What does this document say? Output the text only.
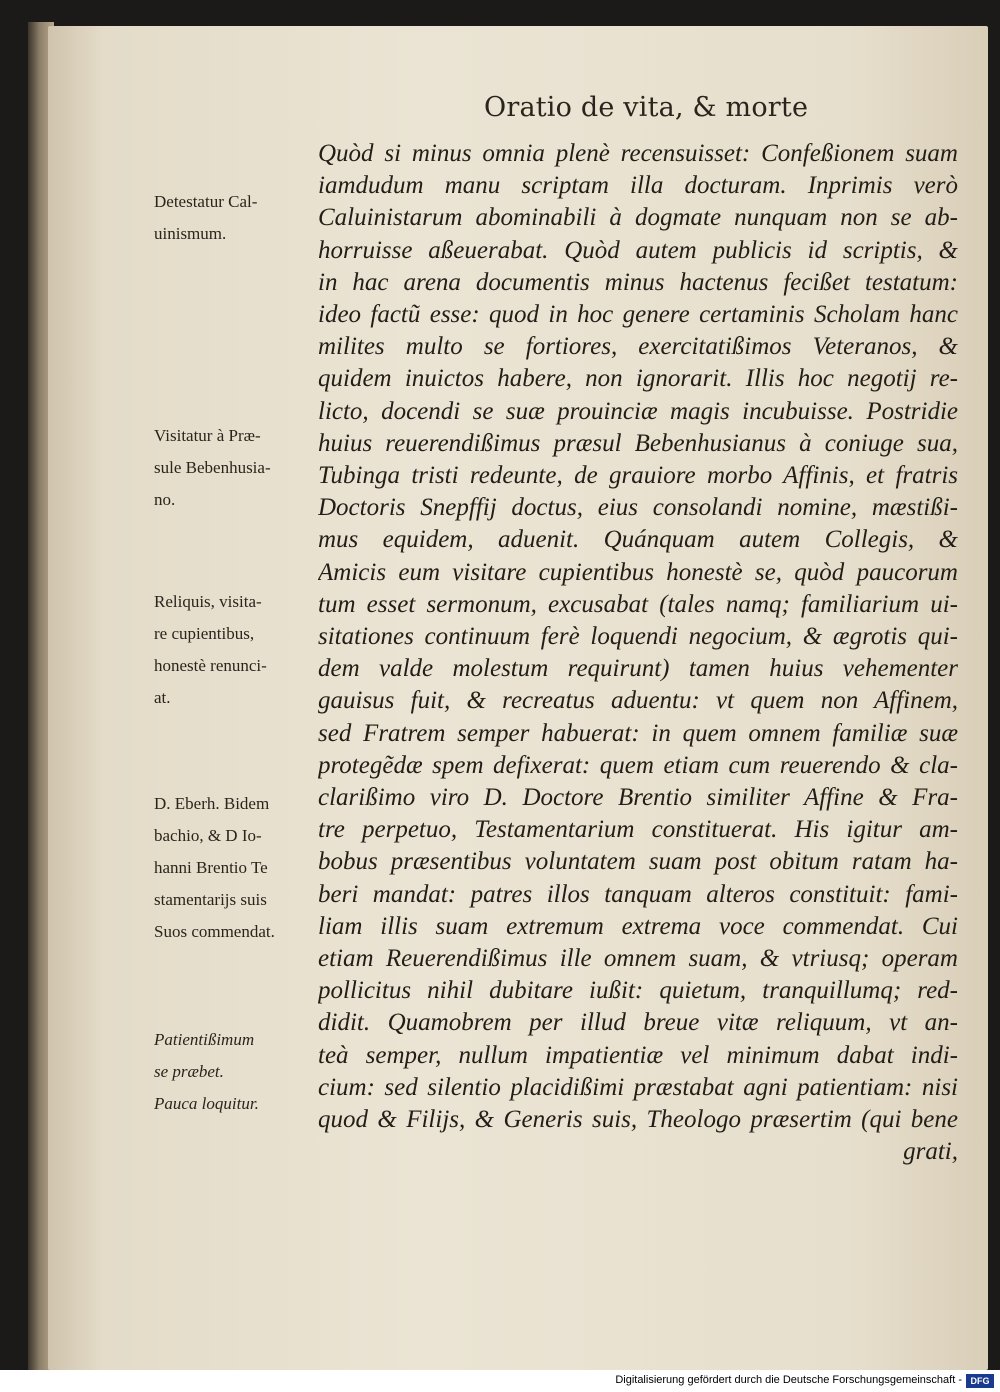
Oratio de vita, & morte
Quòd si minus omnia plenè recensuisset: Confeßionem suam
iamdudum manu scriptam illa docturam. Inprimis verò
Caluinistarum abominabili à dogmate nunquam non se ab-
horruisse aßeuerabat. Quòd autem publicis id scriptis, &
in hac arena documentis minus hactenus fecißet testatum:
ideo factũ esse: quod in hoc genere certaminis Scholam hanc
milites multo se fortiores, exercitatißimos Veteranos, &
quidem inuictos habere, non ignorarit. Illis hoc negotij re-
licto, docendi se suæ prouinciæ magis incubuisse. Postridie
huius reuerendißimus præsul Bebenhusianus à coniuge sua,
Tubinga tristi redeunte, de grauiore morbo Affinis, et fratris
Doctoris Snepffij doctus, eius consolandi nomine, mæstißi-
mus equidem, aduenit. Quánquam autem Collegis, &
Amicis eum visitare cupientibus honestè se, quòd paucorum
tum esset sermonum, excusabat (tales namq; familiarium ui-
sitationes continuum ferè loquendi negocium, & ægrotis qui-
dem valde molestum requirunt) tamen huius vehementer
gauisus fuit, & recreatus aduentu: vt quem non Affinem,
sed Fratrem semper habuerat: in quem omnem familiæ suæ
protegẽdæ spem defixerat: quem etiam cum reuerendo & cla-
clarißimo viro D. Doctore Brentio similiter Affine & Fra-
tre perpetuo, Testamentarium constituerat. His igitur am-
bobus præsentibus voluntatem suam post obitum ratam ha-
beri mandat: patres illos tanquam alteros constituit: fami-
liam illis suam extremum extrema voce commendat. Cui
etiam Reuerendißimus ille omnem suam, & vtriusq; operam
pollicitus nihil dubitare iußit: quietum, tranquillumq; red-
didit. Quamobrem per illud breue vitæ reliquum, vt an-
teà semper, nullum impatientiæ vel minimum dabat indi-
cium: sed silentio placidißimi præstabat agni patientiam: nisi
quod & Filijs, & Generis suis, Theologo præsertim (qui bene
grati,
Detestatur Cal-
uinismum.
Visitatur à Præ-
sule Bebenhusia-
no.
Reliquis, visita-
re cupientibus,
honestè renunci-
at.
D. Eberh. Bidem
bachio, & D Io-
hanni Brentio Te
stamentarijs suis
Suos commendat.
Patientißimum
se præbet.
Pauca loquitur.
Digitalisierung gefördert durch die Deutsche Forschungsgemeinschaft - DFG
